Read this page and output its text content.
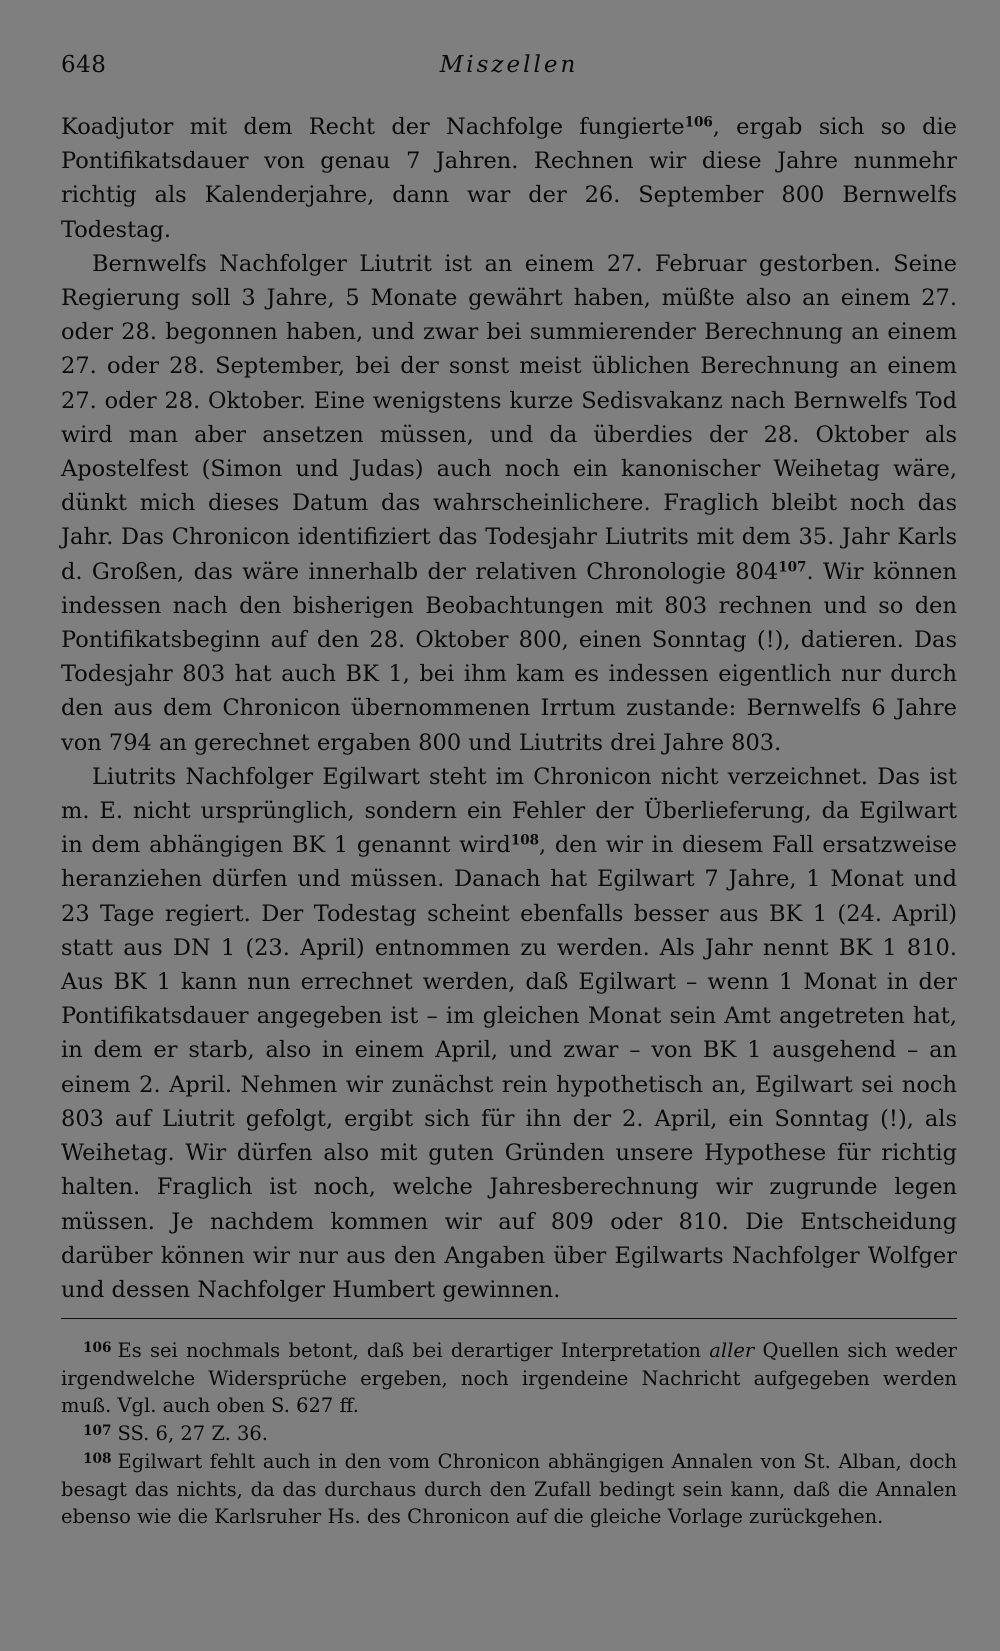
648	Miszellen

Koadjutor mit dem Recht der Nachfolge fungierte$^{106}$, ergab sich so die Pontifikatsdauer von genau 7 Jahren. Rechnen wir diese Jahre nunmehr richtig als Kalenderjahre, dann war der 26. September 800 Bernwelfs Todestag.

Bernwelfs Nachfolger Liutrit ist an einem 27. Februar gestorben. Seine Regierung soll 3 Jahre, 5 Monate gewährt haben, müßte also an einem 27. oder 28. begonnen haben, und zwar bei summierender Berechnung an einem 27. oder 28. September, bei der sonst meist üblichen Berechnung an einem 27. oder 28. Oktober. Eine wenigstens kurze Sedisvakanz nach Bernwelfs Tod wird man aber ansetzen müssen, und da überdies der 28. Oktober als Apostelfest (Simon und Judas) auch noch ein kanonischer Weihetag wäre, dünkt mich dieses Datum das wahrscheinlichere. Fraglich bleibt noch das Jahr. Das Chronicon identifiziert das Todesjahr Liutrits mit dem 35. Jahr Karls d. Großen, das wäre innerhalb der relativen Chronologie $804^{107}$. Wir können indessen nach den bisherigen Beobachtungen mit 803 rechnen und so den Pontifikatsbeginn auf den 28. Oktober 800, einen Sonntag (!), datieren. Das Todesjahr 803 hat auch BK 1, bei ihm kam es indessen eigentlich nur durch den aus dem Chronicon übernommenen Irrtum zustande: Bernwelfs 6 Jahre von 794 an gerechnet ergaben 800 und Liutrits drei Jahre 803.

Liutrits Nachfolger Egilwart steht im Chronicon nicht verzeichnet. Das ist m. E. nicht ursprünglich, sondern ein Fehler der Überlieferung, da Egilwart in dem abhängigen BK 1 genannt wird$^{108}$, den wir in diesem Fall ersatzweise heranziehen dürfen und müssen. Danach hat Egilwart 7 Jahre, 1 Monat und 23 Tage regiert. Der Todestag scheint ebenfalls besser aus BK 1 (24. April) statt aus DN 1 (23. April) entnommen zu werden. Als Jahr nennt BK 1 810. Aus BK 1 kann nun errechnet werden, daß Egilwart – wenn 1 Monat in der Pontifikatsdauer angegeben ist – im gleichen Monat sein Amt angetreten hat, in dem er starb, also in einem April, und zwar – von BK 1 ausgehend – an einem 2. April. Nehmen wir zunächst rein hypothetisch an, Egilwart sei noch 803 auf Liutrit gefolgt, ergibt sich für ihn der 2. April, ein Sonntag (!), als Weihetag. Wir dürfen also mit guten Gründen unsere Hypothese für richtig halten. Fraglich ist noch, welche Jahresberechnung wir zugrunde legen müssen. Je nachdem kommen wir auf 809 oder 810. Die Entscheidung darüber können wir nur aus den Angaben über Egilwarts Nachfolger Wolfger und dessen Nachfolger Humbert gewinnen.

$^{106}$ Es sei nochmals betont, daß bei derartiger Interpretation aller Quellen sich weder irgendwelche Widersprüche ergeben, noch irgendeine Nachricht aufgegeben werden muß. Vgl. auch oben S. 627 ff.

$^{107}$ SS. 6, 27 Z. 36.

$^{108}$ Egilwart fehlt auch in den vom Chronicon abhängigen Annalen von St. Alban, doch besagt das nichts, da das durchaus durch den Zufall bedingt sein kann, daß die Annalen ebenso wie die Karlsruher Hs. des Chronicon auf die gleiche Vorlage zurückgehen.
